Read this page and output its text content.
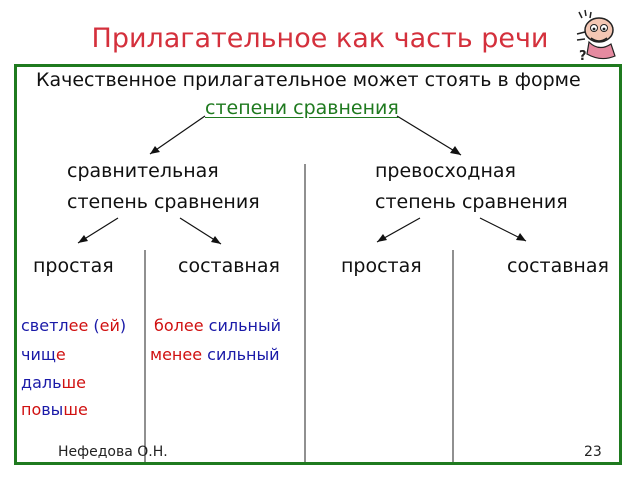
Прилагательное как часть речи
?
Качественное прилагательное может стоять в форме
степени сравнения
сравнительная
степень сравнения
превосходная
степень сравнения
простая	составная	простая	составная
светлее (ей)
чище
дальше
повыше
более сильный
менее сильный
Нефедова О.Н.	23
